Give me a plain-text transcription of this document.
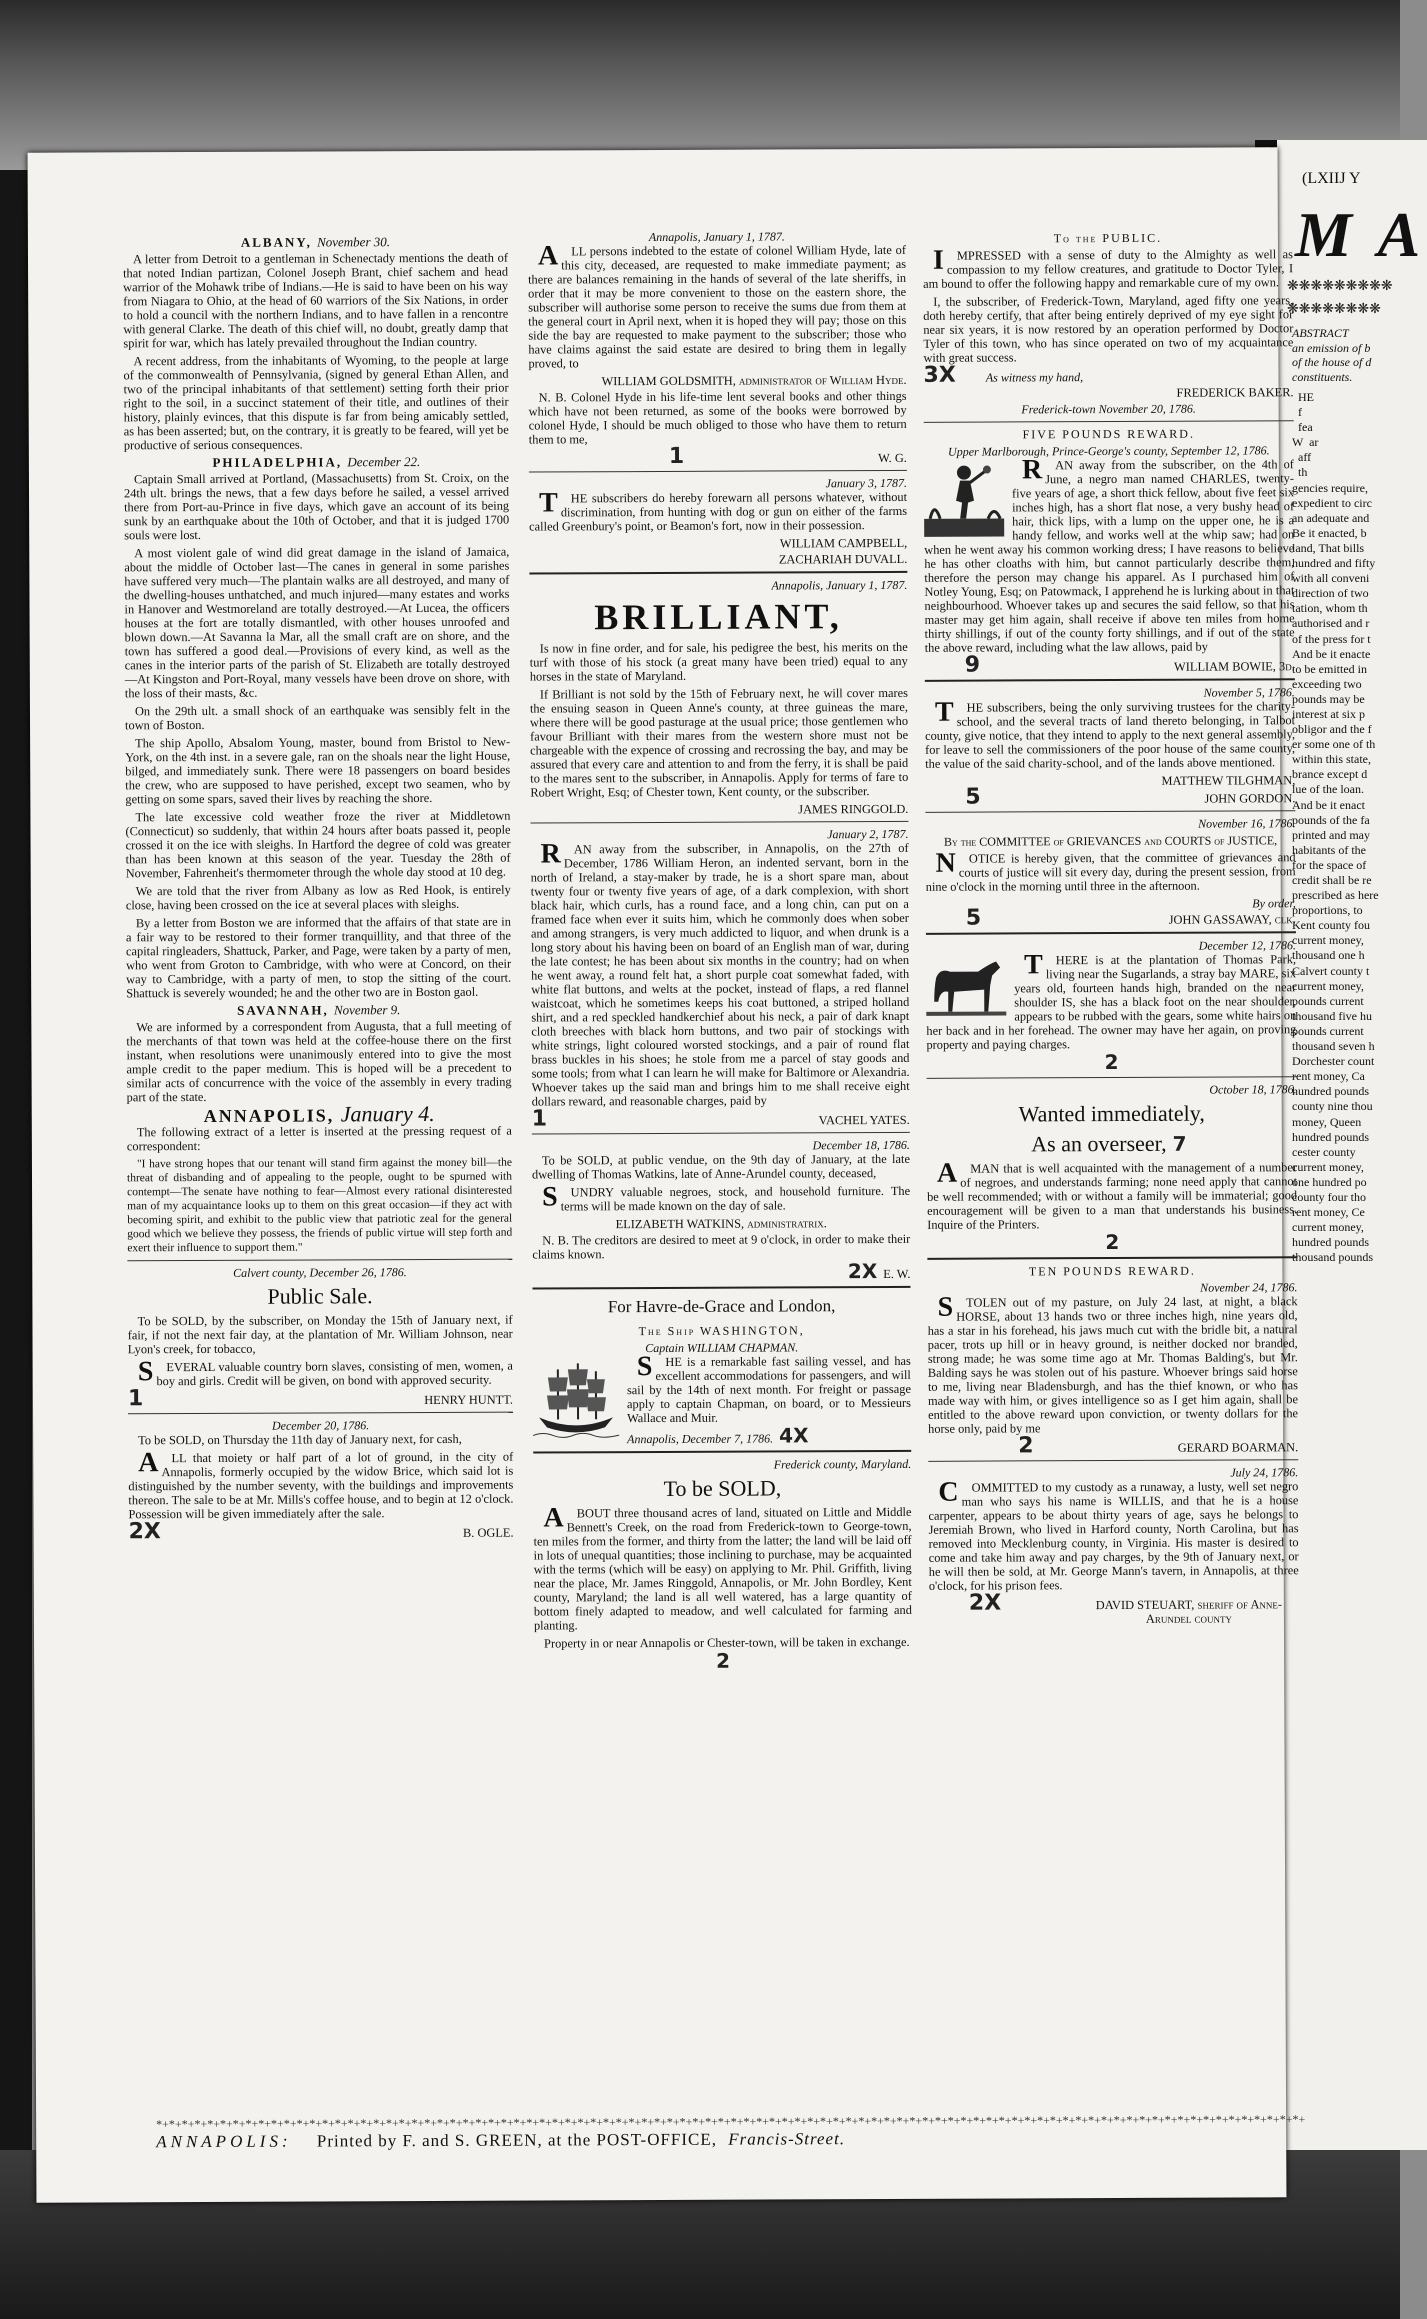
(LXIIJ Y
M A
❋❋❋❋❋❋❋❋❋
❋❋❋❋❋❋❋❋
ABSTRACT
an emission of b
of the house of d
constituents.
HE
f
fea
W  ar
aff
th
gencies require,
expedient to circ
an adequate and
Be it enacted, b
land, That bills
hundred and fifty
with all conveni
direction of two
tation, whom th
authorised and r
of the press for t
And be it enacte
to be emitted in
exceeding two
pounds may be
interest at six p
obligor and the f
er some one of th
within this state,
brance except d
lue of the loan.
And be it enact
pounds of the fa
printed and may
habitants of the
for the space of
credit shall be re
prescribed as here
proportions, to
Kent county fou
current money,
thousand one h
Calvert county t
current money,
pounds current
thousand five hu
pounds current
thousand seven h
Dorchester count
rent money, Ca
hundred pounds
county nine thou
money, Queen
hundred pounds
cester county
current money,
one hundred po
county four tho
rent money, Ce
current money,
hundred pounds
thousand pounds
ALBANY, November 30.

A letter from Detroit to a gentleman in Schenectady mentions the death of that noted Indian partizan, Colonel Joseph Brant, chief sachem and head warrior of the Mohawk tribe of Indians.—He is said to have been on his way from Niagara to Ohio, at the head of 60 warriors of the Six Nations, in order to hold a council with the northern Indians, and to have fallen in a rencontre with general Clarke. The death of this chief will, no doubt, greatly damp that spirit for war, which has lately prevailed throughout the Indian country.

A recent address, from the inhabitants of Wyoming, to the people at large of the commonwealth of Pennsylvania, (signed by general Ethan Allen, and two of the principal inhabitants of that settlement) setting forth their prior right to the soil, in a succinct statement of their title, and outlines of their history, plainly evinces, that this dispute is far from being amicably settled, as has been asserted; but, on the contrary, it is greatly to be feared, will yet be productive of serious consequences.

PHILADELPHIA, December 22.

Captain Small arrived at Portland, (Massachusetts) from St. Croix, on the 24th ult. brings the news, that a few days before he sailed, a vessel arrived there from Port-au-Prince in five days, which gave an account of its being sunk by an earthquake about the 10th of October, and that it is judged 1700 souls were lost.

A most violent gale of wind did great damage in the island of Jamaica, about the middle of October last—The canes in general in some parishes have suffered very much—The plantain walks are all destroyed, and many of the dwelling-houses unthatched, and much injured—many estates and works in Hanover and Westmoreland are totally destroyed.—At Lucea, the officers houses at the fort are totally dismantled, with other houses unroofed and blown down.—At Savanna la Mar, all the small craft are on shore, and the town has suffered a good deal.—Provisions of every kind, as well as the canes in the interior parts of the parish of St. Elizabeth are totally destroyed—At Kingston and Port-Royal, many vessels have been drove on shore, with the loss of their masts, &c.

On the 29th ult. a small shock of an earthquake was sensibly felt in the town of Boston.

The ship Apollo, Absalom Young, master, bound from Bristol to New-York, on the 4th inst. in a severe gale, ran on the shoals near the light House, bilged, and immediately sunk. There were 18 passengers on board besides the crew, who are supposed to have perished, except two seamen, who by getting on some spars, saved their lives by reaching the shore.

The late excessive cold weather froze the river at Middletown (Connecticut) so suddenly, that within 24 hours after boats passed it, people crossed it on the ice with sleighs. In Hartford the degree of cold was greater than has been known at this season of the year. Tuesday the 28th of November, Fahrenheit's thermometer through the whole day stood at 10 deg.

We are told that the river from Albany as low as Red Hook, is entirely close, having been crossed on the ice at several places with sleighs.

By a letter from Boston we are informed that the affairs of that state are in a fair way to be restored to their former tranquillity, and that three of the capital ringleaders, Shattuck, Parker, and Page, were taken by a party of men, who went from Groton to Cambridge, with who were at Concord, on their way to Cambridge, with a party of men, to stop the sitting of the court. Shattuck is severely wounded; he and the other two are in Boston gaol.

SAVANNAH, November 9.

We are informed by a correspondent from Augusta, that a full meeting of the merchants of that town was held at the coffee-house there on the first instant, when resolutions were unanimously entered into to give the most ample credit to the paper medium. This is hoped will be a precedent to similar acts of concurrence with the voice of the assembly in every trading part of the state.

ANNAPOLIS, January 4.

The following extract of a letter is inserted at the pressing request of a correspondent:

"I have strong hopes that our tenant will stand firm against the money bill—the threat of disbanding and of appealing to the people, ought to be spurned with contempt—The senate have nothing to fear—Almost every rational disinterested man of my acquaintance looks up to them on this great occasion—if they act with becoming spirit, and exhibit to the public view that patriotic zeal for the general good which we believe they possess, the friends of public virtue will step forth and exert their influence to support them."

Calvert county, December 26, 1786.
Public Sale.

To be SOLD, by the subscriber, on Monday the 15th of January next, if fair, if not the next fair day, at the plantation of Mr. William Johnson, near Lyon's creek, for tobacco,

SEVERAL valuable country born slaves, consisting of men, women, a boy and girls. Credit will be given, on bond with approved security.

1	HENRY HUNTT.
December 20, 1786.

To be SOLD, on Thursday the 11th day of January next, for cash,

ALL that moiety or half part of a lot of ground, in the city of Annapolis, formerly occupied by the widow Brice, which said lot is distinguished by the number seventy, with the buildings and improvements thereon. The sale to be at Mr. Mills's coffee house, and to begin at 12 o'clock. Possession will be given immediately after the sale.

2X	B. OGLE.
Annapolis, January 1, 1787.

ALL persons indebted to the estate of colonel William Hyde, late of this city, deceased, are requested to make immediate payment; as there are balances remaining in the hands of several of the late sheriffs, in order that it may be more convenient to those on the eastern shore, the subscriber will authorise some person to receive the sums due from them at the general court in April next, when it is hoped they will pay; those on this side the bay are requested to make payment to the subscriber; those who have claims against the said estate are desired to bring them in legally proved, to

WILLIAM GOLDSMITH, administrator of William Hyde.

N. B. Colonel Hyde in his life-time lent several books and other things which have not been returned, as some of the books were borrowed by colonel Hyde, I should be much obliged to those who have them to return them to me,

1	W. G.
January 3, 1787.

THE subscribers do hereby forewarn all persons whatever, without discrimination, from hunting with dog or gun on either of the farms called Greenbury's point, or Beamon's fort, now in their possession.

WILLIAM CAMPBELL,
ZACHARIAH DUVALL.
Annapolis, January 1, 1787.
BRILLIANT,

Is now in fine order, and for sale, his pedigree the best, his merits on the turf with those of his stock (a great many have been tried) equal to any horses in the state of Maryland.

If Brilliant is not sold by the 15th of February next, he will cover mares the ensuing season in Queen Anne's county, at three guineas the mare, where there will be good pasturage at the usual price; those gentlemen who favour Brilliant with their mares from the western shore must not be chargeable with the expence of crossing and recrossing the bay, and may be assured that every care and attention to and from the ferry, it is shall be paid to the mares sent to the subscriber, in Annapolis. Apply for terms of fare to Robert Wright, Esq; of Chester town, Kent county, or the subscriber.

JAMES RINGGOLD.
January 2, 1787.

RAN away from the subscriber, in Annapolis, on the 27th of December, 1786 William Heron, an indented servant, born in the north of Ireland, a stay-maker by trade, he is a short spare man, about twenty four or twenty five years of age, of a dark complexion, with short black hair, which curls, has a round face, and a long chin, can put on a framed face when ever it suits him, which he commonly does when sober and among strangers, is very much addicted to liquor, and when drunk is a long story about his having been on board of an English man of war, during the late contest; he has been about six months in the country; had on when he went away, a round felt hat, a short purple coat somewhat faded, with white flat buttons, and welts at the pocket, instead of flaps, a red flannel waistcoat, which he sometimes keeps his coat buttoned, a striped holland shirt, and a red speckled handkerchief about his neck, a pair of dark knapt cloth breeches with black horn buttons, and two pair of stockings with white strings, light coloured worsted stockings, and a pair of round flat brass buckles in his shoes; he stole from me a parcel of stay goods and some tools; from what I can learn he will make for Baltimore or Alexandria. Whoever takes up the said man and brings him to me shall receive eight dollars reward, and reasonable charges, paid by

1	VACHEL YATES.
December 18, 1786.

To be SOLD, at public vendue, on the 9th day of January, at the late dwelling of Thomas Watkins, late of Anne-Arundel county, deceased,

SUNDRY valuable negroes, stock, and household furniture. The terms will be made known on the day of sale.

ELIZABETH WATKINS, administratrix.

N. B. The creditors are desired to meet at 9 o'clock, in order to make their claims known.

2X E. W.
For Havre-de-Grace and London,
The Ship WASHINGTON,
Captain WILLIAM CHAPMAN.

SHE is a remarkable fast sailing vessel, and has excellent accommodations for passengers, and will sail by the 14th of next month. For freight or passage apply to captain Chapman, on board, or to Messieurs Wallace and Muir.

Annapolis, December 7, 1786. 4X
Frederick county, Maryland.
To be SOLD,

ABOUT three thousand acres of land, situated on Little and Middle Bennett's Creek, on the road from Frederick-town to George-town, ten miles from the former, and thirty from the latter; the land will be laid off in lots of unequal quantities; those inclining to purchase, may be acquainted with the terms (which will be easy) on applying to Mr. Phil. Griffith, living near the place, Mr. James Ringgold, Annapolis, or Mr. John Bordley, Kent county, Maryland; the land is all well watered, has a large quantity of bottom finely adapted to meadow, and well calculated for farming and planting.

Property in or near Annapolis or Chester-town, will be taken in exchange.

2
To the PUBLIC.

IMPRESSED with a sense of duty to the Almighty as well as compassion to my fellow creatures, and gratitude to Doctor Tyler, I am bound to offer the following happy and remarkable cure of my own.

I, the subscriber, of Frederick-Town, Maryland, aged fifty one years, doth hereby certify, that after being entirely deprived of my eye sight for near six years, it is now restored by an operation performed by Doctor Tyler of this town, who has since operated on two of my acquaintance with great success.

3X As witness my hand,
FREDERICK BAKER.
Frederick-town November 20, 1786.
FIVE POUNDS REWARD.
Upper Marlborough, Prince-George's county, September 12, 1786.

RAN away from the subscriber, on the 4th of June, a negro man named CHARLES, twenty-five years of age, a short thick fellow, about five feet six inches high, has a short flat nose, a very bushy head of hair, thick lips, with a lump on the upper one, he is a handy fellow, and works well at the whip saw; had on when he went away his common working dress; I have reasons to believe he has other cloaths with him, but cannot particularly describe them, therefore the person may change his apparel. As I purchased him of Notley Young, Esq; on Patowmack, I apprehend he is lurking about in that neighbourhood. Whoever takes up and secures the said fellow, so that his master may get him again, shall receive if above ten miles from home thirty shillings, if out of the county forty shillings, and if out of the state the above reward, including what the law allows, paid by

9	WILLIAM BOWIE, 3d.
November 5, 1786.

THE subscribers, being the only surviving trustees for the charity-school, and the several tracts of land thereto belonging, in Talbot county, give notice, that they intend to apply to the next general assembly, for leave to sell the commissioners of the poor house of the same county, the value of the said charity-school, and of the lands above mentioned.

MATTHEW TILGHMAN,
5	JOHN GORDON.
November 16, 1786.
By the COMMITTEE of GRIEVANCES and COURTS of JUSTICE,

NOTICE is hereby given, that the committee of grievances and courts of justice will sit every day, during the present session, from nine o'clock in the morning until three in the afternoon.

By order,
5	JOHN GASSAWAY, clk.
December 12, 1786.

THERE is at the plantation of Thomas Park, living near the Sugarlands, a stray bay MARE, six years old, fourteen hands high, branded on the near shoulder IS, she has a black foot on the near shoulder, appears to be rubbed with the gears, some white hairs on her back and in her forehead. The owner may have her again, on proving property and paying charges.

2
October 18, 1786.
Wanted immediately,
As an overseer, 7

AMAN that is well acquainted with the management of a number of negroes, and understands farming; none need apply that cannot be well recommended; with or without a family will be immaterial; good encouragement will be given to a man that understands his business. Inquire of the Printers.

2
TEN POUNDS REWARD.
November 24, 1786.

STOLEN out of my pasture, on July 24 last, at night, a black HORSE, about 13 hands two or three inches high, nine years old, has a star in his forehead, his jaws much cut with the bridle bit, a natural pacer, trots up hill or in heavy ground, is neither docked nor branded, strong made; he was some time ago at Mr. Thomas Balding's, but Mr. Balding says he was stolen out of his pasture. Whoever brings said horse to me, living near Bladensburgh, and has the thief known, or who has made way with him, or gives intelligence so as I get him again, shall be entitled to the above reward upon conviction, or twenty dollars for the horse only, paid by me

2	GERARD BOARMAN.
July 24, 1786.

COMMITTED to my custody as a runaway, a lusty, well set negro man who says his name is WILLIS, and that he is a house carpenter, appears to be about thirty years of age, says he belongs to Jeremiah Brown, who lived in Harford county, North Carolina, but has removed into Mecklenburg county, in Virginia. His master is desired to come and take him away and pay charges, by the 9th of January next, or he will then be sold, at Mr. George Mann's tavern, in Annapolis, at three o'clock, for his prison fees.

2X	DAVID STEUART, sheriff of Anne-Arundel county
*+*+*+*+*+*+*+*+*+*+*+*+*+*+*+*+*+*+*+*+*+*+*+*+*+*+*+*+*+*+*+*+*+*+*+*+*+*+*+*+*+*+*+*+*+*+*+*+*+*+*+*+*+*+*+*+*+*+*+*+*+*+*+*+*+*+*+*+*+*+*+*+*+*+*+*+*+*+*+*+*+*+*+*+*+*+*+*+*+*+
ANNAPOLIS: Printed by F. and S. GREEN, at the POST-OFFICE, Francis-Street.
